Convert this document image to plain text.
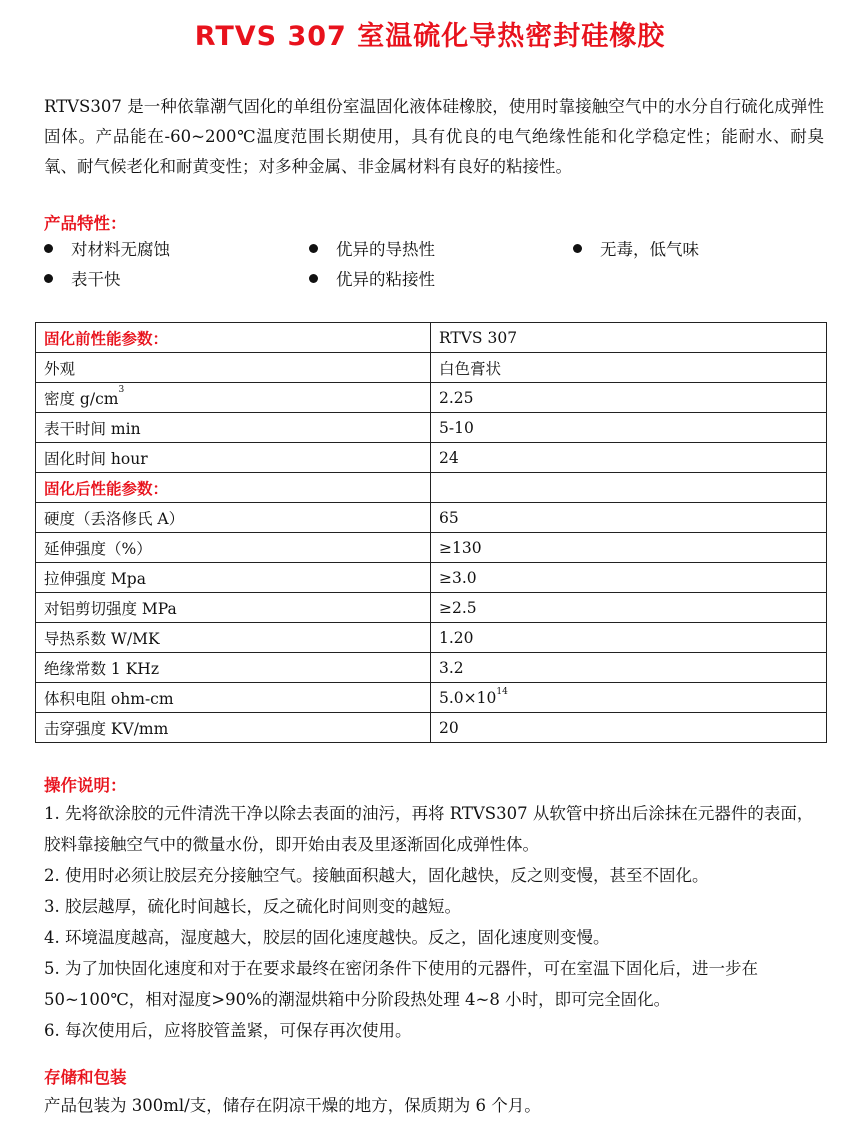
RTVS 307 室温硫化导热密封硅橡胶
RTVS307 是一种依靠潮气固化的单组份室温固化液体硅橡胶，使用时靠接触空气中的水分自行硫化成弹性固体。产品能在-60~200℃温度范围长期使用，具有优良的电气绝缘性能和化学稳定性；能耐水、耐臭氧、耐气候老化和耐黄变性；对多种金属、非金属材料有良好的粘接性。
产品特性：
对材料无腐蚀	优异的导热性	无毒，低气味
表干快	优异的粘接性
固化前性能参数：	RTVS 307
外观	白色膏状
密度 $g/cm^3$	2.25
表干时间 min	5-10
固化时间 hour	24
固化后性能参数：	
硬度（丢洛修氏 A）	65
延伸强度（%）	≥130
拉伸强度 Mpa	≥3.0
对铝剪切强度 MPa	≥2.5
导热系数 W/MK	1.20
绝缘常数 1 KHz	3.2
体积电阻 ohm-cm	$5.0\times 10^{14}$
击穿强度 KV/mm	20
操作说明：

1. 先将欲涂胶的元件清洗干净以除去表面的油污，再将 RTVS307 从软管中挤出后涂抹在元器件的表面，胶料靠接触空气中的微量水份，即开始由表及里逐渐固化成弹性体。

2. 使用时必须让胶层充分接触空气。接触面积越大，固化越快，反之则变慢，甚至不固化。

3. 胶层越厚，硫化时间越长，反之硫化时间则变的越短。

4. 环境温度越高，湿度越大，胶层的固化速度越快。反之，固化速度则变慢。

5. 为了加快固化速度和对于在要求最终在密闭条件下使用的元器件，可在室温下固化后，进一步在 50~100℃，相对湿度>90%的潮湿烘箱中分阶段热处理 4~8 小时，即可完全固化。

6. 每次使用后，应将胶管盖紧，可保存再次使用。

存储和包装
产品包装为 300ml/支，储存在阴凉干燥的地方，保质期为 6 个月。
